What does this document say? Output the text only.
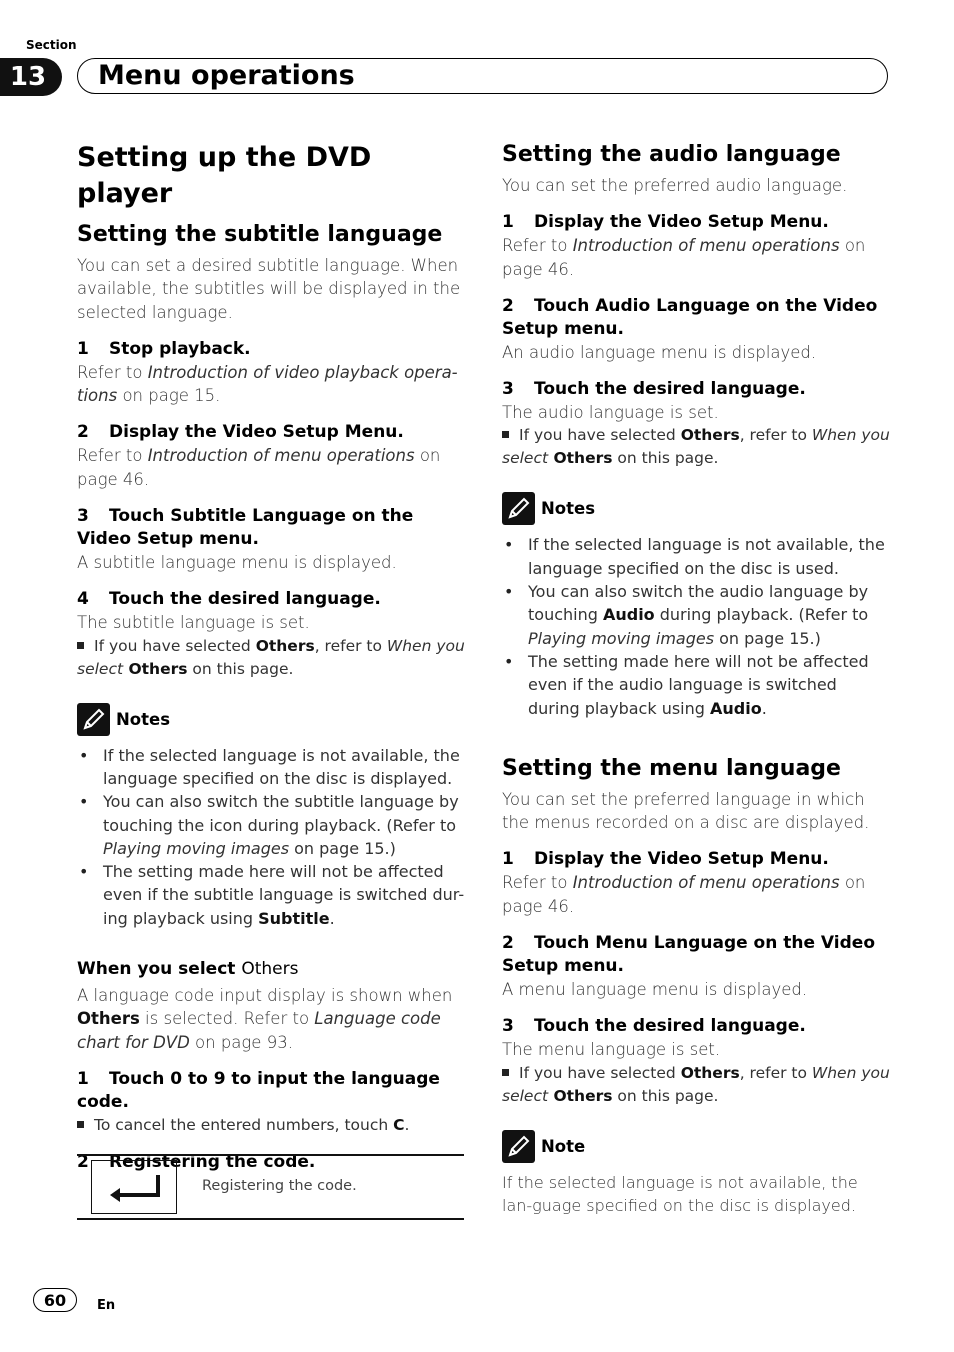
Section
13	Menu operations
Setting up the DVD player
Setting the subtitle language

You can set a desired subtitle language. When available, the subtitles will be displayed in the selected language.

1 Stop playback.

Refer to Introduction of video playback opera-tions on page 15.

2 Display the Video Setup Menu.

Refer to Introduction of menu operations on page 46.

3 Touch Subtitle Language on the Video Setup menu.

A subtitle language menu is displayed.

4 Touch the desired language.

The subtitle language is set.

If you have selected Others, refer to When you select Others on this page.

Notes
• If the selected language is not available, the language specified on the disc is displayed.
• You can also switch the subtitle language by touching the icon during playback. (Refer to Playing moving images on page 15.)
• The setting made here will not be affected even if the subtitle language is switched dur-ing playback using Subtitle.
When you select Others

A language code input display is shown when Others is selected. Refer to Language code chart for DVD on page 93.

1 Touch 0 to 9 to input the language code.

To cancel the entered numbers, touch C.

2 Registering the code.
Registering the code.
Setting the audio language

You can set the preferred audio language.

1 Display the Video Setup Menu.

Refer to Introduction of menu operations on page 46.

2 Touch Audio Language on the Video Setup menu.

An audio language menu is displayed.

3 Touch the desired language.

The audio language is set.

If you have selected Others, refer to When you select Others on this page.

Notes
• If the selected language is not available, the language specified on the disc is used.
• You can also switch the audio language by touching Audio during playback. (Refer to Playing moving images on page 15.)
• The setting made here will not be affected even if the audio language is switched during playback using Audio.
Setting the menu language

You can set the preferred language in which the menus recorded on a disc are displayed.

1 Display the Video Setup Menu.

Refer to Introduction of menu operations on page 46.

2 Touch Menu Language on the Video Setup menu.

A menu language menu is displayed.

3 Touch the desired language.

The menu language is set.

If you have selected Others, refer to When you select Others on this page.

Note

If the selected language is not available, the lan-guage specified on the disc is displayed.

60	En
